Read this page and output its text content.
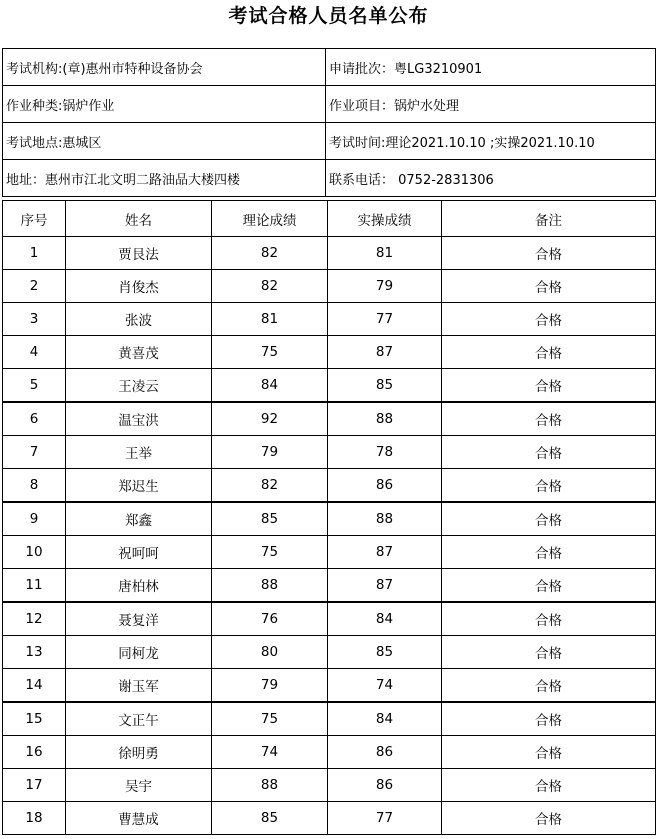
考试合格人员名单公布
考试机构:(章)惠州市特种设备协会	申请批次：粤LG3210901
作业种类:锅炉作业	作业项目：锅炉水处理
考试地点:惠城区	考试时间:理论2021.10.10 ;实操2021.10.10
地址：惠州市江北文明二路油品大楼四楼	联系电话： 0752-2831306
序号	姓名	理论成绩	实操成绩	备注
1	贾艮法	82	81	合格
2	肖俊杰	82	79	合格
3	张波	81	77	合格
4	黄喜茂	75	87	合格
5	王凌云	84	85	合格
6	温宝洪	92	88	合格
7	王举	79	78	合格
8	郑迟生	82	86	合格
9	郑鑫	85	88	合格
10	祝呵呵	75	87	合格
11	唐柏林	88	87	合格
12	聂复洋	76	84	合格
13	同柯龙	80	85	合格
14	谢玉军	79	74	合格
15	文正午	75	84	合格
16	徐明勇	74	86	合格
17	吴宇	88	86	合格
18	曹慧成	85	77	合格
